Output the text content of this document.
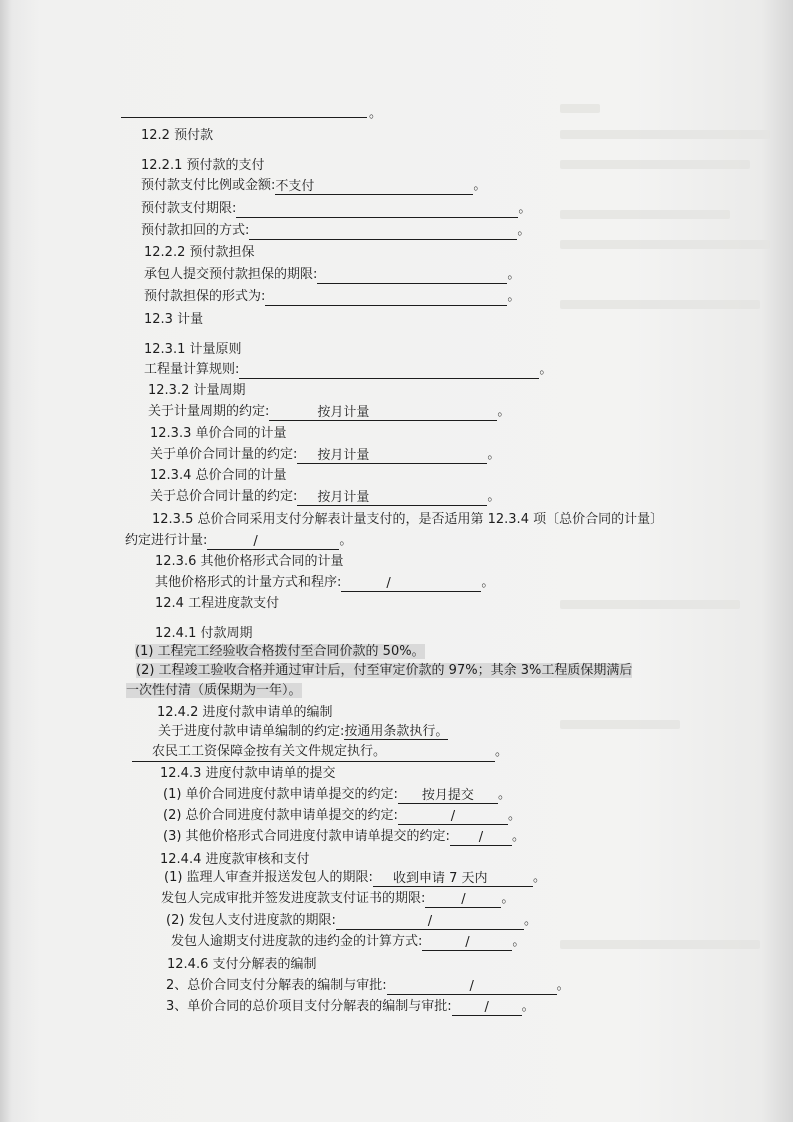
。
12.2 预付款
12.2.1 预付款的支付
预付款支付比例或金额:不支付	。
预付款支付期限:	。
预付款扣回的方式:	。
12.2.2 预付款担保
承包人提交预付款担保的期限:	。
预付款担保的形式为:	。
12.3 计量
12.3.1 计量原则
工程量计算规则:	。
12.3.2 计量周期
关于计量周期的约定:	按月计量	。
12.3.3 单价合同的计量
关于单价合同计量的约定: 按月计量	。
12.3.4 总价合同的计量
关于总价合同计量的约定: 按月计量	。
12.3.5 总价合同采用支付分解表计量支付的，是否适用第 12.3.4 项〔总价合同的计量〕
约定进行计量:	/	。
12.3.6 其他价格形式合同的计量
其他价格形式的计量方式和程序:	/	。
12.4 工程进度款支付
12.4.1 付款周期
(1) 工程完工经验收合格拨付至合同价款的 50%。
(2) 工程竣工验收合格并通过审计后，付至审定价款的 97%；其余 3%工程质保期满后
一次性付清（质保期为一年）。
12.4.2 进度付款申请单的编制
关于进度付款申请单编制的约定:按通用条款执行。
农民工工资保障金按有关文件规定执行。	。
12.4.3 进度付款申请单的提交
(1) 单价合同进度付款申请单提交的约定: 按月提交 。
(2) 总价合同进度付款申请单提交的约定:	/	。
(3) 其他价格形式合同进度付款申请单提交的约定: / 。
12.4.4 进度款审核和支付
(1) 监理人审查并报送发包人的期限: 收到申请 7 天内	。
发包人完成审批并签发进度款支付证书的期限:	/	。
(2) 发包人支付进度款的期限:	/	。
发包人逾期支付进度款的违约金的计算方式:	/	。
12.4.6 支付分解表的编制
2、总价合同支付分解表的编制与审批:	/	。
3、单价合同的总价项目支付分解表的编制与审批:	/	。
